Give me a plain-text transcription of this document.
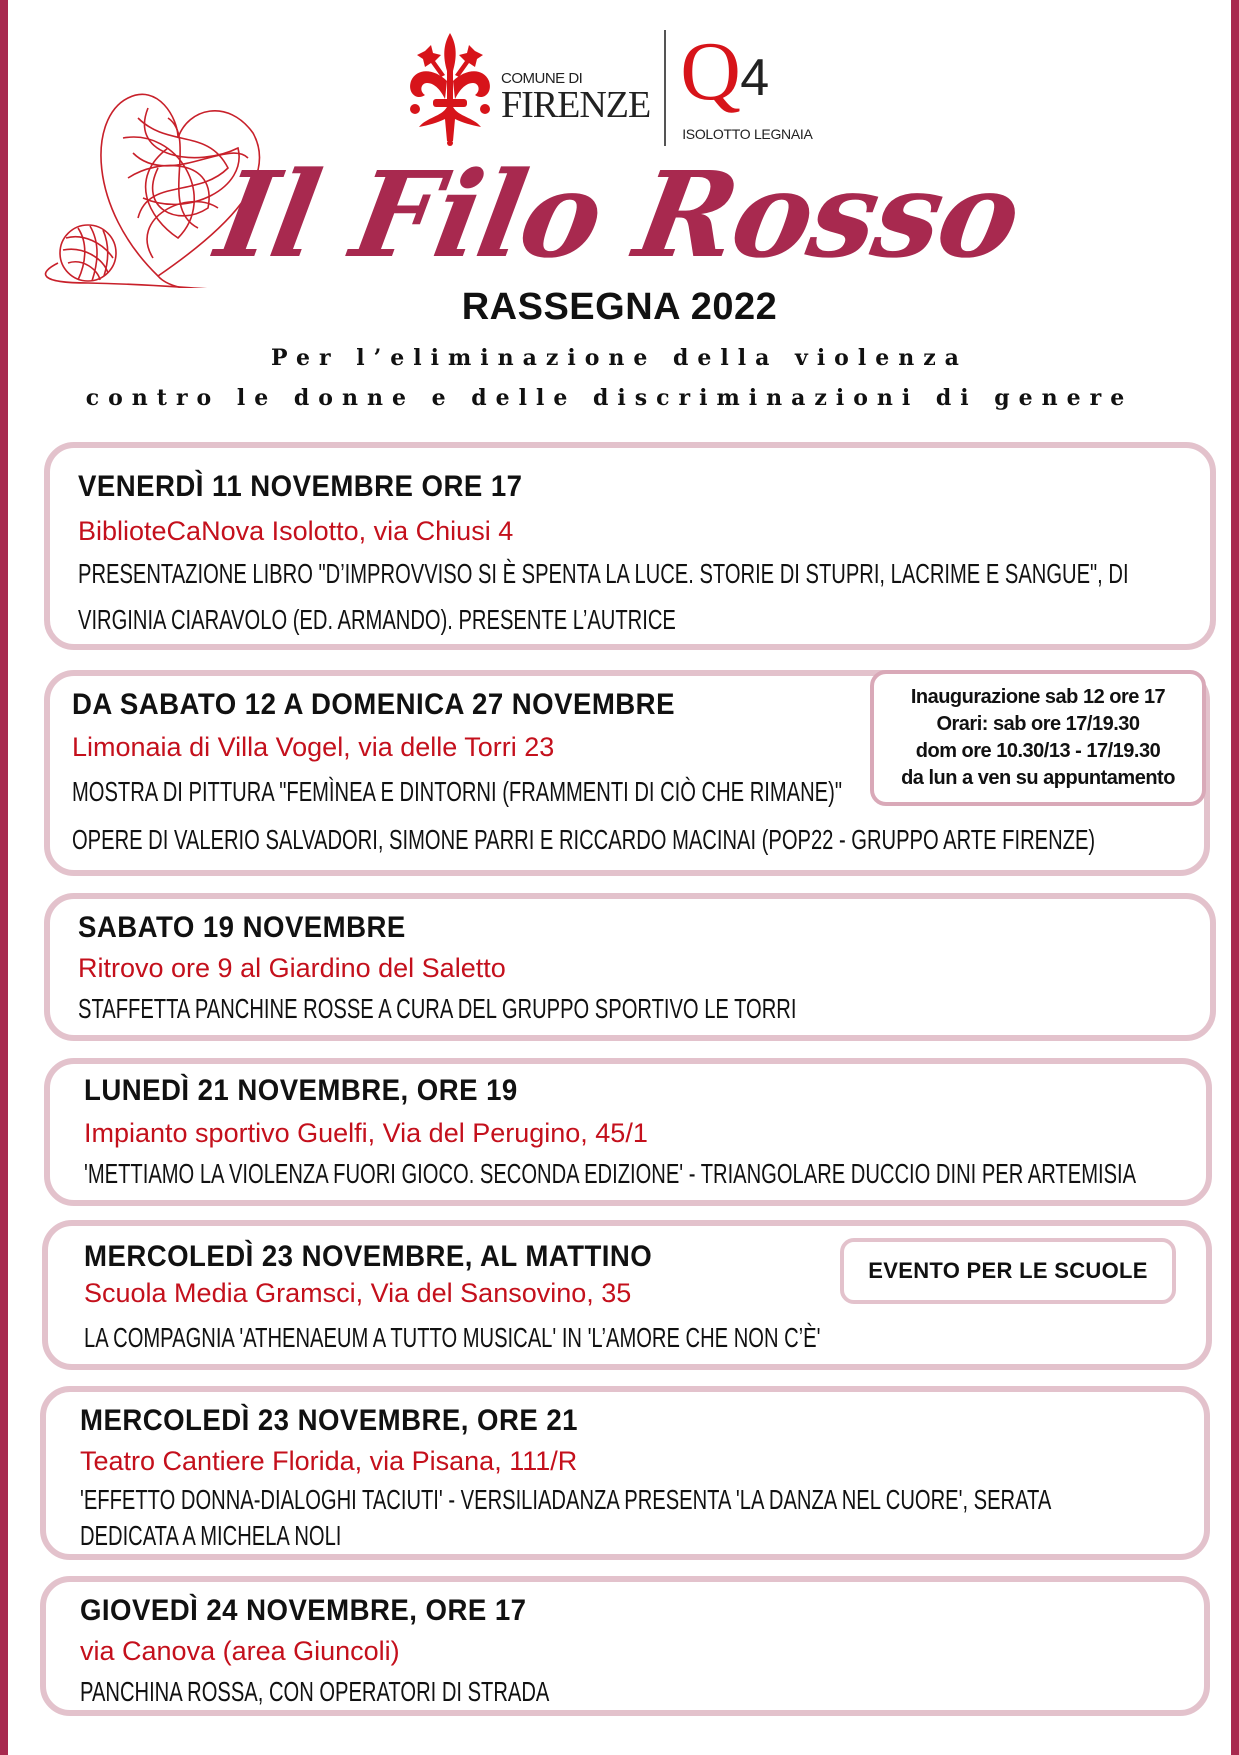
COMUNE DI
FIRENZE Q 4
ISOLOTTO LEGNAIA
Il Filo Rosso
RASSEGNA 2022
Per l’eliminazione della violenza
contro le donne e delle discriminazioni di genere
VENERDÌ 11 NOVEMBRE ORE 17
BiblioteCaNova Isolotto, via Chiusi 4
PRESENTAZIONE LIBRO "D’IMPROVVISO SI È SPENTA LA LUCE. STORIE DI STUPRI, LACRIME E SANGUE", DI
VIRGINIA CIARAVOLO (ED. ARMANDO). PRESENTE L’AUTRICE
DA SABATO 12 A DOMENICA 27 NOVEMBRE
Limonaia di Villa Vogel, via delle Torri 23
MOSTRA DI PITTURA "FEMÌNEA E DINTORNI (FRAMMENTI DI CIÒ CHE RIMANE)"
OPERE DI VALERIO SALVADORI, SIMONE PARRI E RICCARDO MACINAI (POP22 - GRUPPO ARTE FIRENZE)
Inaugurazione sab 12 ore 17
Orari: sab ore 17/19.30
dom ore 10.30/13 - 17/19.30
da lun a ven su appuntamento
SABATO 19 NOVEMBRE
Ritrovo ore 9 al Giardino del Saletto
STAFFETTA PANCHINE ROSSE A CURA DEL GRUPPO SPORTIVO LE TORRI
LUNEDÌ 21 NOVEMBRE, ORE 19
Impianto sportivo Guelfi, Via del Perugino, 45/1
'METTIAMO LA VIOLENZA FUORI GIOCO. SECONDA EDIZIONE' - TRIANGOLARE DUCCIO DINI PER ARTEMISIA
MERCOLEDÌ 23 NOVEMBRE, AL MATTINO
Scuola Media Gramsci, Via del Sansovino, 35
LA COMPAGNIA 'ATHENAEUM A TUTTO MUSICAL' IN 'L’AMORE CHE NON C’È'
EVENTO PER LE SCUOLE
MERCOLEDÌ 23 NOVEMBRE, ORE 21
Teatro Cantiere Florida, via Pisana, 111/R
'EFFETTO DONNA-DIALOGHI TACIUTI' - VERSILIADANZA PRESENTA 'LA DANZA NEL CUORE', SERATA
DEDICATA A MICHELA NOLI
GIOVEDÌ 24 NOVEMBRE, ORE 17
via Canova (area Giuncoli)
PANCHINA ROSSA, CON OPERATORI DI STRADA
